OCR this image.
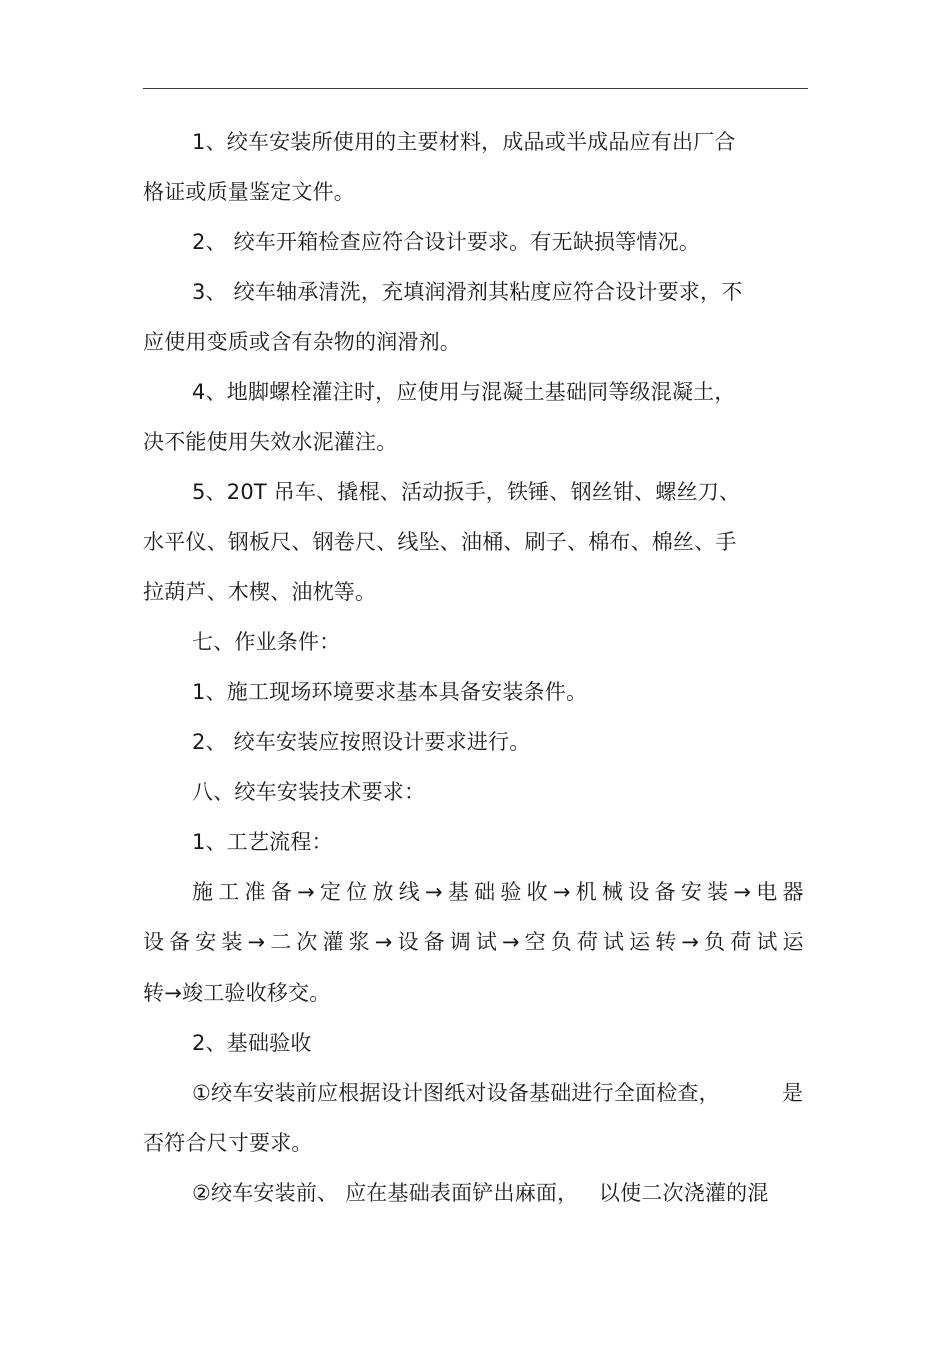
1、绞车安装所使用的主要材料，成品或半成品应有出厂合
格证或质量鉴定文件。
2、 绞车开箱检查应符合设计要求。有无缺损等情况。
3、 绞车轴承清洗，充填润滑剂其粘度应符合设计要求，不
应使用变质或含有杂物的润滑剂。
4、地脚螺栓灌注时，应使用与混凝土基础同等级混凝土，
决不能使用失效水泥灌注。
5、20T 吊车、撬棍、活动扳手，铁锤、钢丝钳、螺丝刀、
水平仪、钢板尺、钢卷尺、线坠、油桶、刷子、棉布、棉丝、手
拉葫芦、木楔、油枕等。
七、作业条件：
1、施工现场环境要求基本具备安装条件。
2、 绞车安装应按照设计要求进行。
八、绞车安装技术要求：
1、工艺流程：
施 工 准 备 → 定 位 放 线 → 基 础 验 收 → 机 械 设 备 安 装 → 电 器
设 备 安 装 → 二 次 灌 浆 → 设 备 调 试 → 空 负 荷 试 运 转 → 负 荷 试 运
转→竣工验收移交。
2、基础验收
①绞车安装前应根据设计图纸对设备基础进行全面检查，	是
否符合尺寸要求。
②绞车安装前、 应在基础表面铲出麻面，   以使二次浇灌的混
